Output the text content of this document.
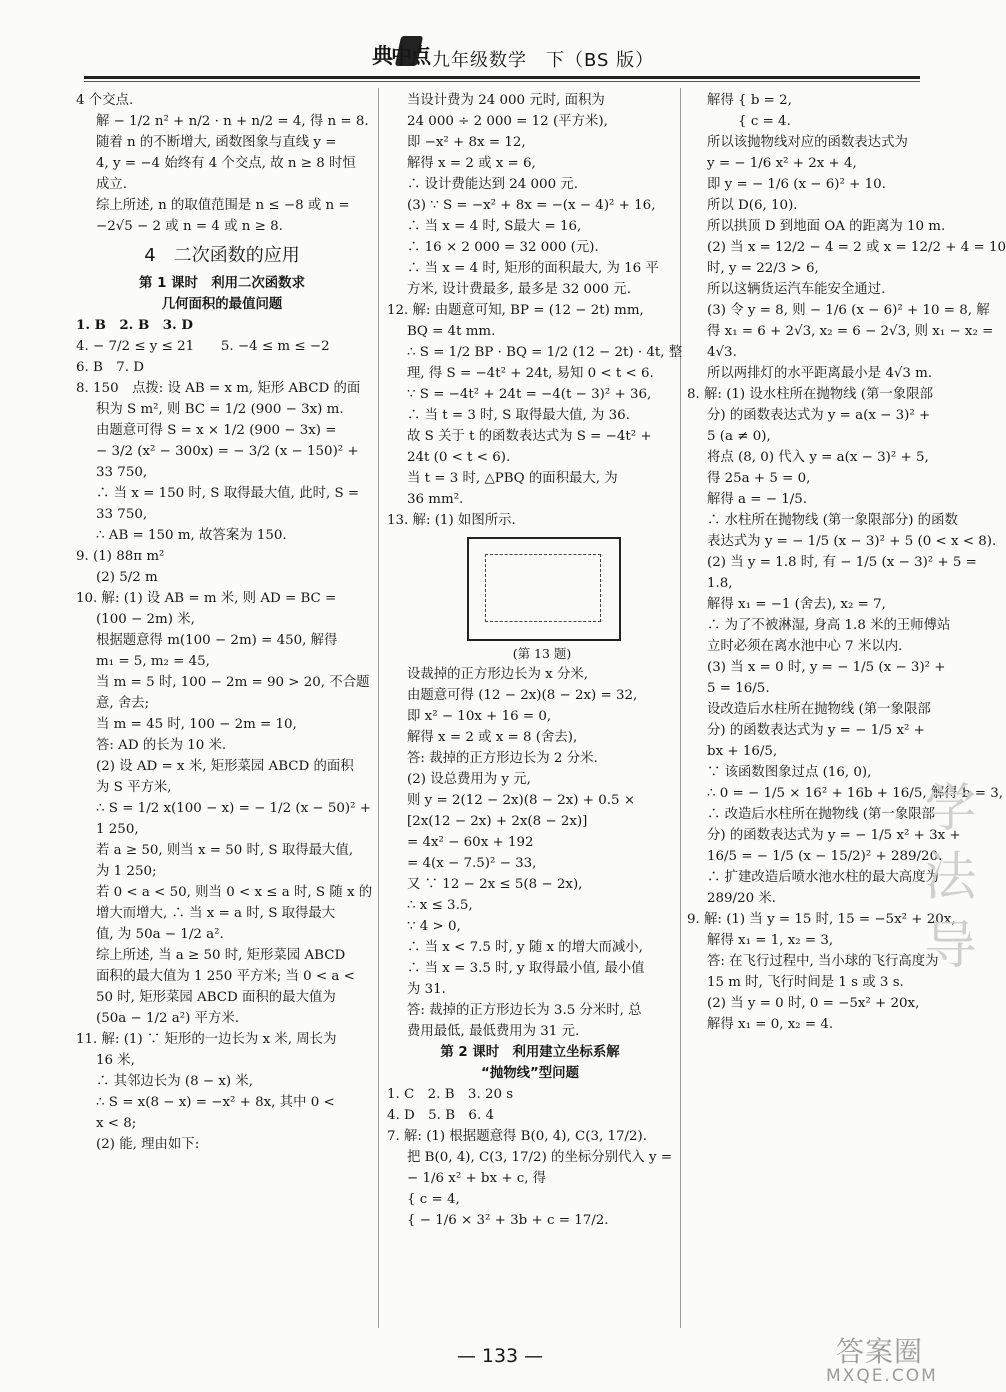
典中点 九年级数学　下（BS 版）
4 个交点.
解 − 1/2 n² + n/2 · n + n/2 = 4, 得 n = 8.
随着 n 的不断增大, 函数图象与直线 y =
4, y = −4 始终有 4 个交点, 故 n ≥ 8 时恒
成立.
综上所述, n 的取值范围是 n ≤ −8 或 n =
−2√5 − 2 或 n = 4 或 n ≥ 8.
4　二次函数的应用
第 1 课时　利用二次函数求
几何面积的最值问题
1. B　2. B　3. D
4. − 7/2 ≤ y ≤ 21　　5. −4 ≤ m ≤ −2
6. B　7. D
8. 150　点拨: 设 AB = x m, 矩形 ABCD 的面
积为 S m², 则 BC = 1/2 (900 − 3x) m.
由题意可得 S = x × 1/2 (900 − 3x) =
− 3/2 (x² − 300x) = − 3/2 (x − 150)² +
33 750,
∴ 当 x = 150 时, S 取得最大值, 此时, S =
33 750,
∴ AB = 150 m, 故答案为 150.
9. (1) 88π m²
(2) 5/2 m
10. 解: (1) 设 AB = m 米, 则 AD = BC =
(100 − 2m) 米,
根据题意得 m(100 − 2m) = 450, 解得
m₁ = 5, m₂ = 45,
当 m = 5 时, 100 − 2m = 90 > 20, 不合题
意, 舍去;
当 m = 45 时, 100 − 2m = 10,
答: AD 的长为 10 米.
(2) 设 AD = x 米, 矩形菜园 ABCD 的面积
为 S 平方米,
∴ S = 1/2 x(100 − x) = − 1/2 (x − 50)² +
1 250,
若 a ≥ 50, 则当 x = 50 时, S 取得最大值,
为 1 250;
若 0 < a < 50, 则当 0 < x ≤ a 时, S 随 x 的
增大而增大, ∴ 当 x = a 时, S 取得最大
值, 为 50a − 1/2 a².
综上所述, 当 a ≥ 50 时, 矩形菜园 ABCD
面积的最大值为 1 250 平方米; 当 0 < a <
50 时, 矩形菜园 ABCD 面积的最大值为
(50a − 1/2 a²) 平方米.
11. 解: (1) ∵ 矩形的一边长为 x 米, 周长为
16 米,
∴ 其邻边长为 (8 − x) 米,
∴ S = x(8 − x) = −x² + 8x, 其中 0 <
x < 8;
(2) 能, 理由如下:
当设计费为 24 000 元时, 面积为
24 000 ÷ 2 000 = 12 (平方米),
即 −x² + 8x = 12,
解得 x = 2 或 x = 6,
∴ 设计费能达到 24 000 元.
(3) ∵ S = −x² + 8x = −(x − 4)² + 16,
∴ 当 x = 4 时, S最大 = 16,
∴ 16 × 2 000 = 32 000 (元).
∴ 当 x = 4 时, 矩形的面积最大, 为 16 平
方米, 设计费最多, 最多是 32 000 元.
12. 解: 由题意可知, BP = (12 − 2t) mm,
BQ = 4t mm.
∴ S = 1/2 BP · BQ = 1/2 (12 − 2t) · 4t, 整
理, 得 S = −4t² + 24t, 易知 0 < t < 6.
∵ S = −4t² + 24t = −4(t − 3)² + 36,
∴ 当 t = 3 时, S 取得最大值, 为 36.
故 S 关于 t 的函数表达式为 S = −4t² +
24t (0 < t < 6).
当 t = 3 时, △PBQ 的面积最大, 为
36 mm².
13. 解: (1) 如图所示.
(第 13 题)
设裁掉的正方形边长为 x 分米,
由题意可得 (12 − 2x)(8 − 2x) = 32,
即 x² − 10x + 16 = 0,
解得 x = 2 或 x = 8 (舍去),
答: 裁掉的正方形边长为 2 分米.
(2) 设总费用为 y 元,
则 y = 2(12 − 2x)(8 − 2x) + 0.5 ×
[2x(12 − 2x) + 2x(8 − 2x)]
= 4x² − 60x + 192
= 4(x − 7.5)² − 33,
又 ∵ 12 − 2x ≤ 5(8 − 2x),
∴ x ≤ 3.5,
∵ 4 > 0,
∴ 当 x < 7.5 时, y 随 x 的增大而减小,
∴ 当 x = 3.5 时, y 取得最小值, 最小值
为 31.
答: 裁掉的正方形边长为 3.5 分米时, 总
费用最低, 最低费用为 31 元.
第 2 课时　利用建立坐标系解
“抛物线”型问题
1. C　2. B　3. 20 s
4. D　5. B　6. 4
7. 解: (1) 根据题意得 B(0, 4), C(3, 17/2).
把 B(0, 4), C(3, 17/2) 的坐标分别代入 y =
− 1/6 x² + bx + c, 得
{ c = 4,
{ − 1/6 × 3² + 3b + c = 17/2.
解得 { b = 2,
　　 { c = 4.
所以该抛物线对应的函数表达式为
y = − 1/6 x² + 2x + 4,
即 y = − 1/6 (x − 6)² + 10.
所以 D(6, 10).
所以拱顶 D 到地面 OA 的距离为 10 m.
(2) 当 x = 12/2 − 4 = 2 或 x = 12/2 + 4 = 10
时, y = 22/3 > 6,
所以这辆货运汽车能安全通过.
(3) 令 y = 8, 则 − 1/6 (x − 6)² + 10 = 8, 解
得 x₁ = 6 + 2√3, x₂ = 6 − 2√3, 则 x₁ − x₂ =
4√3.
所以两排灯的水平距离最小是 4√3 m.
8. 解: (1) 设水柱所在抛物线 (第一象限部
分) 的函数表达式为 y = a(x − 3)² +
5 (a ≠ 0),
将点 (8, 0) 代入 y = a(x − 3)² + 5,
得 25a + 5 = 0,
解得 a = − 1/5.
∴ 水柱所在抛物线 (第一象限部分) 的函数
表达式为 y = − 1/5 (x − 3)² + 5 (0 < x < 8).
(2) 当 y = 1.8 时, 有 − 1/5 (x − 3)² + 5 =
1.8,
解得 x₁ = −1 (舍去), x₂ = 7,
∴ 为了不被淋湿, 身高 1.8 米的王师傅站
立时必须在离水池中心 7 米以内.
(3) 当 x = 0 时, y = − 1/5 (x − 3)² +
5 = 16/5.
设改造后水柱所在抛物线 (第一象限部
分) 的函数表达式为 y = − 1/5 x² +
bx + 16/5,
∵ 该函数图象过点 (16, 0),
∴ 0 = − 1/5 × 16² + 16b + 16/5, 解得 b = 3,
∴ 改造后水柱所在抛物线 (第一象限部
分) 的函数表达式为 y = − 1/5 x² + 3x +
16/5 = − 1/5 (x − 15/2)² + 289/20.
∴ 扩建改造后喷水池水柱的最大高度为
289/20 米.
9. 解: (1) 当 y = 15 时, 15 = −5x² + 20x,
解得 x₁ = 1, x₂ = 3,
答: 在飞行过程中, 当小球的飞行高度为
15 m 时, 飞行时间是 1 s 或 3 s.
(2) 当 y = 0 时, 0 = −5x² + 20x,
解得 x₁ = 0, x₂ = 4.
学 法 导
— 133 —	答案圈
MXQE.COM
